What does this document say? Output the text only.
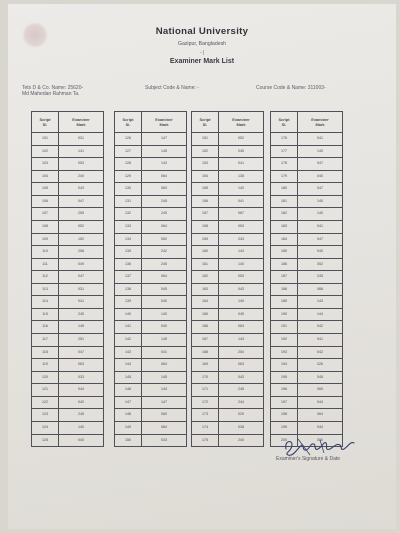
National University
Gazipur, Bangladesh
- |
Examiner Mark List
Tets D & Co. Name: 25620-
Md Mahedan Rahman Ta.
Subject Code & Name: -	Course Code & Name: 311003-
Script
Sl.	Examiner
Mark
101	031
102	141
103	053
104	240
105	043
106	047
107	255
108	052
109	152
110	258
111	049
112	047
113	031
114	041
115	245
116	145
117	251
118	047
119	063
120	033
121	044
122	042
123	245
124	140
125	040
Script
Sl.	Examiner
Mark
126	147
127	145
128	143
129	064
130	063
131	245
132	245
133	064
134	052
135	242
136	245
137	064
138	045
139	040
140	140
141	040
142	145
143	041
144	064
145	145
146	143
147	147
148	060
149	064
150	043
Script
Sl.	Examiner
Mark
151	052
152	045
153	041
154	138
155	140
156	041
157	067
158	053
159	243
160	144
161	140
162	053
163	043
164	140
165	045
166	063
167	143
168	254
169	063
170	043
171	245
172	244
173	029
174	038
175	240
Script
Sl.	Examiner
Mark
176	041
177	140
178	047
179	040
180	047
181	140
182	140
183	041
184	047
185	040
186	052
187	245
188	068
189	143
190	144
191	042
192	041
193	042
194	026
195	045
196	065
197	044
198	064
199	044
200	050
Examiner's Signature & Date
